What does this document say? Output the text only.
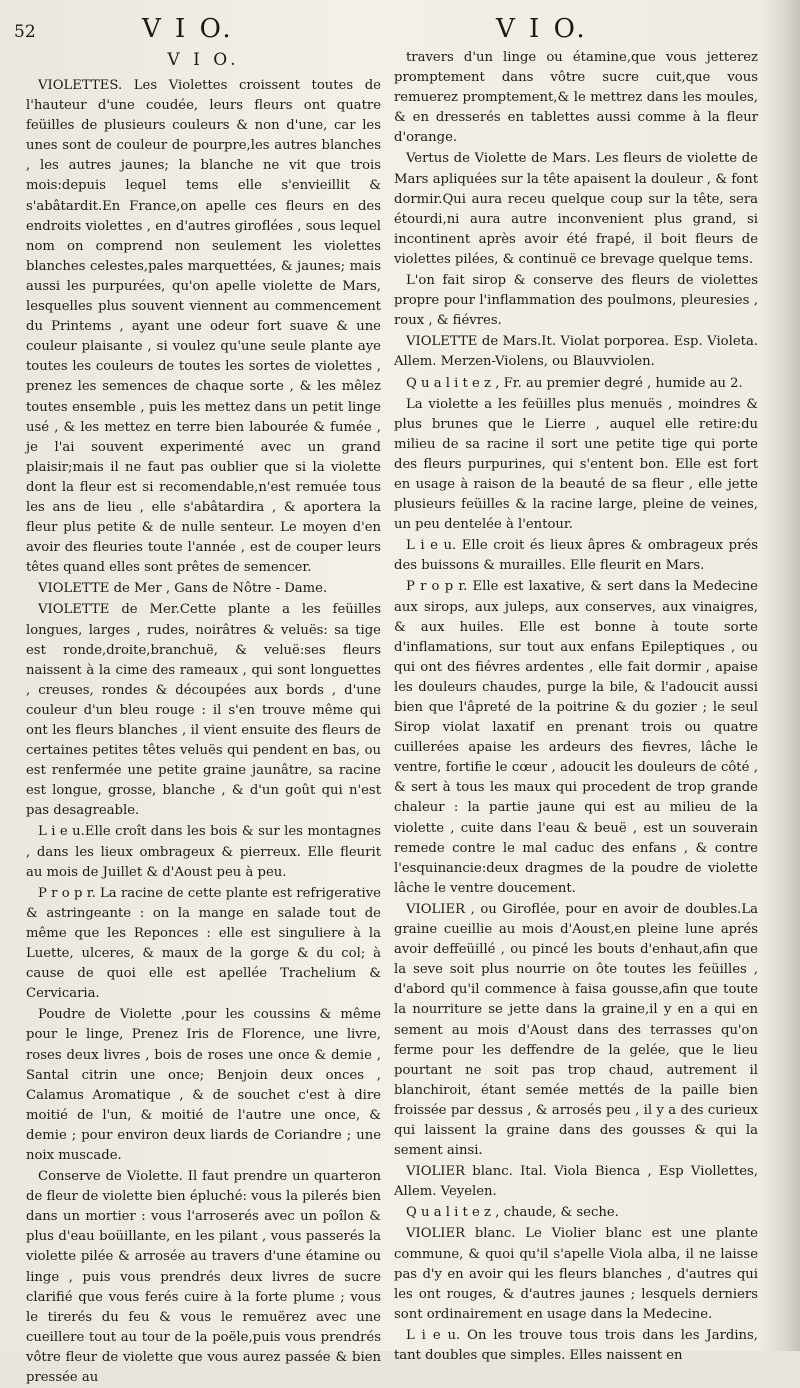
52	V I O.	V I O.
V I O.

VIOLETTES. Les Violettes croissent toutes de l'hauteur d'une coudée, leurs fleurs ont quatre feüilles de plusieurs couleurs & non d'une, car les unes sont de couleur de pourpre,les autres blanches , les autres jaunes; la blanche ne vit que trois mois:depuis lequel tems elle s'envieillit & s'abâtardit.En France,on apelle ces fleurs en des endroits violettes , en d'autres giroflées , sous lequel nom on comprend non seulement les violettes blanches celestes,pales marquettées, & jaunes; mais aussi les purpurées, qu'on apelle violette de Mars, lesquelles plus souvent viennent au commencement du Printems , ayant une odeur fort suave & une couleur plaisante , si voulez qu'une seule plante aye toutes les couleurs de toutes les sortes de violettes , prenez les semences de chaque sorte , & les mêlez toutes ensemble , puis les mettez dans un petit linge usé , & les mettez en terre bien labourée & fumée , je l'ai souvent experimenté avec un grand plaisir;mais il ne faut pas oublier que si la violette dont la fleur est si recomendable,n'est remuée tous les ans de lieu , elle s'abâtardira , & aportera la fleur plus petite & de nulle senteur. Le moyen d'en avoir des fleuries toute l'année , est de couper leurs têtes quand elles sont prêtes de semencer.

VIOLETTE de Mer , Gans de Nôtre - Dame.

VIOLETTE de Mer.Cette plante a les feüilles longues, larges , rudes, noirâtres & veluës: sa tige est ronde,droite,branchuë, & veluë:ses fleurs naissent à la cime des rameaux , qui sont longuettes , creuses, rondes & découpées aux bords , d'une couleur d'un bleu rouge : il s'en trouve même qui ont les fleurs blanches , il vient ensuite des fleurs de certaines petites têtes veluës qui pendent en bas, ou est renfermée une petite graine jaunâtre, sa racine est longue, grosse, blanche , & d'un goût qui n'est pas desagreable.

L i e u.Elle croît dans les bois & sur les montagnes , dans les lieux ombrageux & pierreux. Elle fleurit au mois de Juillet & d'Aoust peu à peu.

P r o p r. La racine de cette plante est refrigerative & astringeante : on la mange en salade tout de même que les Reponces : elle est singuliere à la Luette, ulceres, & maux de la gorge & du col; à cause de quoi elle est apellée Trachelium & Cervicaria.

Poudre de Violette ,pour les coussins & même pour le linge, Prenez Iris de Florence, une livre, roses deux livres , bois de roses une once & demie , Santal citrin une once; Benjoin deux onces , Calamus Aromatique , & de souchet c'est à dire moitié de l'un, & moitié de l'autre une once, & demie ; pour environ deux liards de Coriandre ; une noix muscade.

Conserve de Violette. Il faut prendre un quarteron de fleur de violette bien épluché: vous la pilerés bien dans un mortier : vous l'arroserés avec un poîlon & plus d'eau boüillante, en les pilant , vous passerés la violette pilée & arrosée au travers d'une étamine ou linge , puis vous prendrés deux livres de sucre clarifié que vous ferés cuire à la forte plume ; vous le tirerés du feu & vous le remuërez avec une cueillere tout au tour de la poële,puis vous prendrés vôtre fleur de violette que vous aurez passée & bien pressée au

travers d'un linge ou étamine,que vous jetterez promptement dans vôtre sucre cuit,que vous remuerez promptement,& le mettrez dans les moules, & en dresserés en tablettes aussi comme à la fleur d'orange.

Vertus de Violette de Mars. Les fleurs de violette de Mars apliquées sur la tête apaisent la douleur , & font dormir.Qui aura receu quelque coup sur la tête, sera étourdi,ni aura autre inconvenient plus grand, si incontinent après avoir été frapé, il boit fleurs de violettes pilées, & continuë ce brevage quelque tems.

L'on fait sirop & conserve des fleurs de violettes propre pour l'inflammation des poulmons, pleuresies , roux , & fiévres.

VIOLETTE de Mars.It. Violat porporea. Esp. Violeta. Allem. Merzen-Violens, ou Blauvviolen.

Q u a l i t e z , Fr. au premier degré , humide au 2.

La violette a les feüilles plus menuës , moindres & plus brunes que le Lierre , auquel elle retire:du milieu de sa racine il sort une petite tige qui porte des fleurs purpurines, qui s'entent bon. Elle est fort en usage à raison de la beauté de sa fleur , elle jette plusieurs feüilles & la racine large, pleine de veines, un peu dentelée à l'entour.

L i e u. Elle croit és lieux âpres & ombrageux prés des buissons & murailles. Elle fleurit en Mars.

P r o p r. Elle est laxative, & sert dans la Medecine aux sirops, aux juleps, aux conserves, aux vinaigres, & aux huiles. Elle est bonne à toute sorte d'inflamations, sur tout aux enfans Epileptiques , ou qui ont des fiévres ardentes , elle fait dormir , apaise les douleurs chaudes, purge la bile, & l'adoucit aussi bien que l'âpreté de la poitrine & du gozier ; le seul Sirop violat laxatif en prenant trois ou quatre cuillerées apaise les ardeurs des fievres, lâche le ventre, fortifie le cœur , adoucit les douleurs de côté , & sert à tous les maux qui procedent de trop grande chaleur : la partie jaune qui est au milieu de la violette , cuite dans l'eau & beuë , est un souverain remede contre le mal caduc des enfans , & contre l'esquinancie:deux dragmes de la poudre de violette lâche le ventre doucement.

VIOLIER , ou Giroflée, pour en avoir de doubles.La graine cueillie au mois d'Aoust,en pleine lune aprés avoir deffeüillé , ou pincé les bouts d'enhaut,afin que la seve soit plus nourrie on ôte toutes les feüilles , d'abord qu'il commence à faisa gousse,afin que toute la nourriture se jette dans la graine,il y en a qui en sement au mois d'Aoust dans des terrasses qu'on ferme pour les deffendre de la gelée, que le lieu pourtant ne soit pas trop chaud, autrement il blanchiroit, étant semée mettés de la paille bien froissée par dessus , & arrosés peu , il y a des curieux qui laissent la graine dans des gousses & qui la sement ainsi.

VIOLIER blanc. Ital. Viola Bienca , Esp Viollettes, Allem. Veyelen.

Q u a l i t e z , chaude, & seche.

VIOLIER blanc. Le Violier blanc est une plante commune, & quoi qu'il s'apelle Viola alba, il ne laisse pas d'y en avoir qui les fleurs blanches , d'autres qui les ont rouges, & d'autres jaunes ; lesquels derniers sont ordinairement en usage dans la Medecine.

L i e u. On les trouve tous trois dans les Jardins, tant doubles que simples. Elles naissent en
